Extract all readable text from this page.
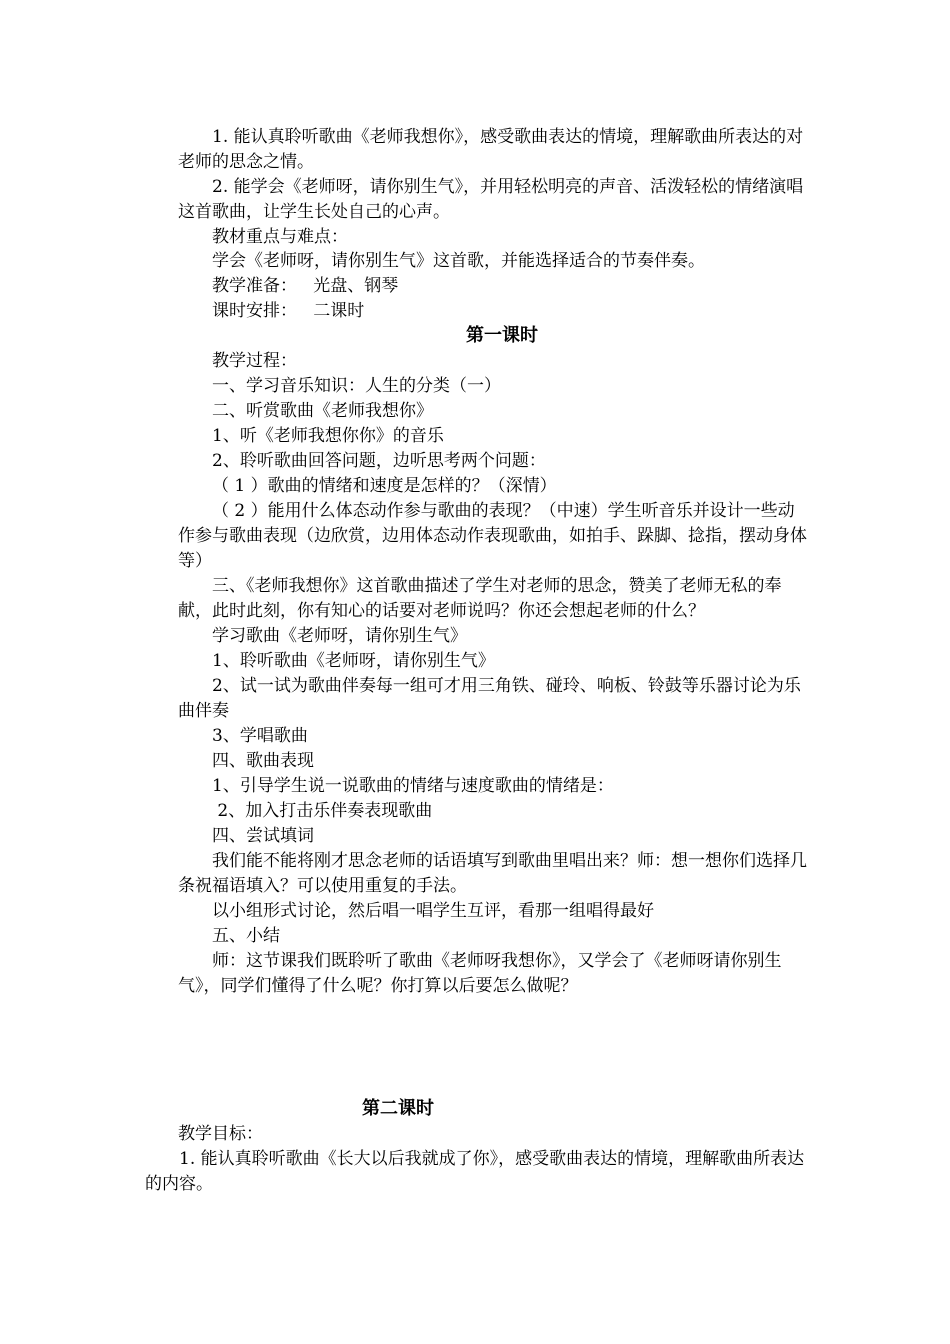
1. 能认真聆听歌曲《老师我想你》，感受歌曲表达的情境，理解歌曲所表达的对老师的思念之情。
2. 能学会《老师呀，请你别生气》，并用轻松明亮的声音、活泼轻松的情绪演唱这首歌曲，让学生长处自己的心声。
教材重点与难点：
学会《老师呀，请你别生气》这首歌，并能选择适合的节奏伴奏。
教学准备：   光盘、钢琴
课时安排：   二课时
第一课时
教学过程：
一、学习音乐知识：人生的分类（一）
二、听赏歌曲《老师我想你》
1、听《老师我想你你》的音乐
2、聆听歌曲回答问题，边听思考两个问题：
（ 1 ）歌曲的情绪和速度是怎样的？（深情）
（ 2 ）能用什么体态动作参与歌曲的表现？（中速）学生听音乐并设计一些动作参与歌曲表现（边欣赏，边用体态动作表现歌曲，如拍手、跺脚、捻指，摆动身体等）
三、《老师我想你》这首歌曲描述了学生对老师的思念，赞美了老师无私的奉献，此时此刻，你有知心的话要对老师说吗？你还会想起老师的什么？
学习歌曲《老师呀，请你别生气》
1、聆听歌曲《老师呀，请你别生气》
2、试一试为歌曲伴奏每一组可才用三角铁、碰玲、响板、铃鼓等乐器讨论为乐曲伴奏
3、学唱歌曲
四、歌曲表现
1、引导学生说一说歌曲的情绪与速度歌曲的情绪是：
2、加入打击乐伴奏表现歌曲
四、尝试填词
我们能不能将刚才思念老师的话语填写到歌曲里唱出来？师：想一想你们选择几条祝福语填入？可以使用重复的手法。
以小组形式讨论，然后唱一唱学生互评，看那一组唱得最好
五、小结
师：这节课我们既聆听了歌曲《老师呀我想你》，又学会了《老师呀请你别生气》，同学们懂得了什么呢？你打算以后要怎么做呢？
第二课时
教学目标：
1. 能认真聆听歌曲《长大以后我就成了你》，感受歌曲表达的情境，理解歌曲所表达的内容。
